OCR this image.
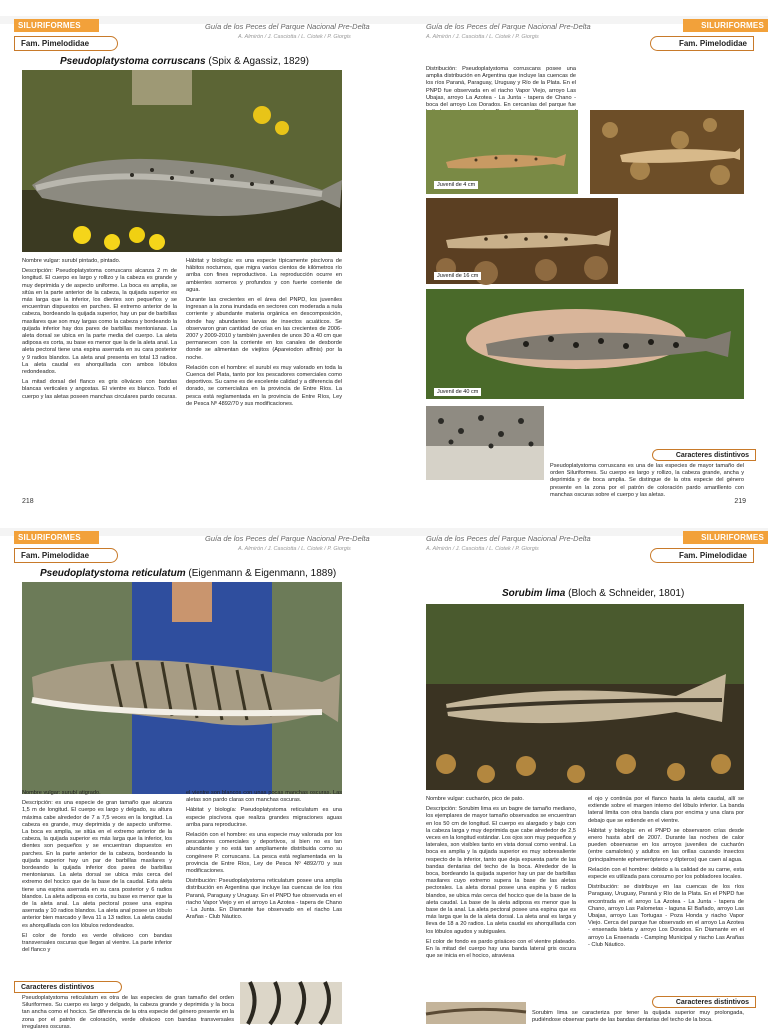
SILURIFORMES	Guía de los Peces del Parque Nacional Pre-Delta
A. Almirón / J. Casciotta / L. Ciotek / P. Giorgis
Fam. Pimelodidae
Pseudoplatystoma corruscans (Spix & Agassiz, 1829)

Nombre vulgar: surubí pintado, pintado.

Descripción: Pseudoplatystoma corruscans alcanza 2 m de longitud. El cuerpo es largo y rollizo y la cabeza es grande y muy deprimida y de aspecto uniforme. La boca es amplia, se sitúa en la parte anterior de la cabeza, la quijada superior es más larga que la inferior, los dientes son pequeños y se encuentran dispuestos en parches. El extremo anterior de la cabeza, bordeando la quijada superior, hay un par de barbillas maxilares que son muy largas como la cabeza y bordeando la quijada inferior hay dos pares de barbillas mentonianas. La aleta dorsal se ubica en la parte media del cuerpo. La aleta adiposa es corta, su base es menor que la de la aleta anal. La aleta pectoral tiene una espina aserrada en su cara posterior y 9 radios blandos. La aleta anal presenta en total 13 radios. La aleta caudal es ahorquillada con ambos lóbulos redondeados.

La mitad dorsal del flanco es gris oliváceo con bandas blancas verticales y angostas. El vientre es blanco. Todo el cuerpo y las aletas poseen manchas circulares pardo oscuras.

Hábitat y biología: es una especie típicamente piscívora de hábitos nocturnos, que migra varios cientos de kilómetros río arriba con fines reproductivos. La reproducción ocurre en ambientes someros y profundos y con fuerte corriente de agua.

Durante las crecientes en el área del PNPD, los juveniles ingresan a la zona inundada en sectores con moderada a nula corriente y abundante materia orgánica en descomposición, donde hay abundantes larvas de insectos acuáticos. Se observaron gran cantidad de crías en las crecientes de 2006-2007 y 2009-2010 y también juveniles de unos 30 a 40 cm que permanecen con la corriente en los canales de desborde donde se alimentan de viejitos (Apareiodon affinis) por la noche.

Relación con el hombre: el surubí es muy valorado en toda la Cuenca del Plata, tanto por los pescadores comerciales como deportivos. Su carne es de excelente calidad y a diferencia del dorado, se comercializa en la provincia de Entre Ríos. La pesca está reglamentada en la provincia de Entre Ríos, Ley de Pesca Nº 4892/70 y sus modificaciones.

218
SILURIFORMES
Guía de los Peces del Parque Nacional Pre-Delta
A. Almirón / J. Casciotta / L. Ciotek / P. Giorgis
Fam. Pimelodidae
Distribución: Pseudoplatystoma corruscans posee una amplia distribución en Argentina que incluye las cuencas de los ríos Paraná, Paraguay, Uruguay y Río de la Plata. En el PNPD fue observada en el riacho Vapor Viejo, arroyo Las Ubajas, arroyo La Azotea - La Junta - tapera de Chano - boca del arroyo Los Dorados. En cercanías del parque fue
Juvenil de 4 cm
Juvenil de 16 cm
Juvenil de 40 cm
Caracteres distintivos
Pseudoplatystoma corruscans es una de las especies de mayor tamaño del orden Siluriformes. Su cuerpo es largo y rollizo, la cabeza grande, ancha y deprimida y de boca amplia. Se distingue de la otra especie del género presente en la zona por el patrón de coloración pardo amarillento con manchas oscuras sobre el cuerpo y las aletas.
219
SILURIFORMES	Guía de los Peces del Parque Nacional Pre-Delta
A. Almirón / J. Casciotta / L. Ciotek / P. Giorgis
Fam. Pimelodidae
Pseudoplatystoma reticulatum (Eigenmann & Eigenmann, 1889)

Nombre vulgar: surubí atigrado.

Descripción: es una especie de gran tamaño que alcanza 1,5 m de longitud. El cuerpo es largo y delgado, su altura máxima cabe alrededor de 7 a 7,5 veces en la longitud. La cabeza es grande, muy deprimida y de aspecto uniforme. La boca es amplia, se sitúa en el extremo anterior de la cabeza, la quijada superior es más larga que la inferior, los dientes son pequeños y se encuentran dispuestos en parches. En la parte anterior de la cabeza, bordeando la quijada superior hay un par de barbillas maxilares y bordeando la quijada inferior dos pares de barbillas mentonianas. La aleta dorsal se ubica más cerca del extremo del hocico que de la base de la caudal. Esta aleta tiene una espina aserrada en su cara posterior y 6 radios blandos. La aleta adiposa es corta, su base es menor que la de la aleta anal. La aleta pectoral posee una espina aserrada y 10 radios blandos. La aleta anal posee un lóbulo anterior bien marcado y lleva 11 a 13 radios. La aleta caudal es ahorquillada con los lóbulos redondeados.

El color de fondo es verde oliváceo con bandas transversales oscuras que llegan al vientre. La parte inferior del flanco y

el vientre son blancos con unas pocas manchas oscuras. Las aletas son pardo claras con manchas oscuras.

Hábitat y biología: Pseudoplatystoma reticulatum es una especie piscívora que realiza grandes migraciones aguas arriba para reproducirse.

Relación con el hombre: es una especie muy valorada por los pescadores comerciales y deportivos, si bien no es tan abundante y no está tan ampliamente distribuida como su congénere P. corruscans. La pesca está reglamentada en la provincia de Entre Ríos, Ley de Pesca Nº 4892/70 y sus modificaciones.

Distribución: Pseudoplatystoma reticulatum posee una amplia distribución en Argentina que incluye las cuencas de los ríos Paraná, Paraguay y Uruguay. En el PNPD fue observada en el riacho Vapor Viejo y en el arroyo La Azotea - tapera de Chano - La Junta. En Diamante fue observado en el riacho Las Arañas - Club Náutico.

Caracteres distintivos
Pseudoplatystoma reticulatum es otra de las especies de gran tamaño del orden Siluriformes. Su cuerpo es largo y delgado, la cabeza grande y deprimida y la boca tan ancha como el hocico. Se diferencia de la otra especie del género presente en la zona por el patrón de coloración, verde oliváceo con bandas transversales irregulares oscuras.
SILURIFORMES
Guía de los Peces del Parque Nacional Pre-Delta
A. Almirón / J. Casciotta / L. Ciotek / P. Giorgis
Fam. Pimelodidae
Sorubim lima (Bloch & Schneider, 1801)

Nombre vulgar: cucharón, pico de pato.

Descripción: Sorubim lima es un bagre de tamaño mediano, los ejemplares de mayor tamaño observados se encuentran en los 50 cm de longitud. El cuerpo es alargado y bajo con la cabeza larga y muy deprimida que cabe alrededor de 2,5 veces en la longitud estándar. Los ojos son muy pequeños y laterales, son visibles tanto en vista dorsal como ventral. La boca es amplia y la quijada superior es muy sobresaliente respecto de la inferior, tanto que deja expuesta parte de las bandas dentarias del techo de la boca. Alrededor de la boca, bordeando la quijada superior hay un par de barbillas maxilares cuyo extremo supera la base de las aletas pectorales. La aleta dorsal posee una espina y 6 radios blandos, se ubica más cerca del hocico que de la base de la aleta caudal. La base de la aleta adiposa es menor que la base de la anal. La aleta pectoral posee una espina que es más larga que la de la aleta dorsal. La aleta anal es larga y lleva de 18 a 20 radios. La aleta caudal es ahorquillada con los lóbulos agudos y subiguales.

El color de fondo es pardo grisáceo con el vientre plateado. En la mitad del cuerpo hay una banda lateral gris oscura que se inicia en el hocico, atraviesa

el ojo y continúa por el flanco hasta la aleta caudal, allí se extiende sobre el margen interno del lóbulo inferior. La banda lateral limita con otra banda clara por encima y una clara por debajo que se extiende en el vientre.

Hábitat y biología: en el PNPD se observaron crías desde enero hasta abril de 2007. Durante las noches de calor pueden observarse en los arroyos juveniles de cucharón (entre camalotes) y adultos en las orillas cazando insectos (principalmente ephemerópteros y dípteros) que caen al agua.

Relación con el hombre: debido a la calidad de su carne, esta especie es utilizada para consumo por los pobladores locales.

Distribución: se distribuye en las cuencas de los ríos Paraguay, Uruguay, Paraná y Río de la Plata. En el PNPD fue encontrada en el arroyo La Azotea - La Junta - tapera de Chano, arroyo Las Palometas - laguna El Bañado, arroyo Las Ubajas, arroyo Las Tortugas - Poza Honda y riacho Vapor Viejo. Cerca del parque fue observado en el arroyo La Azotea - ensenada Isleta y arroyo Los Dorados. En Diamante en el arroyo La Ensenada - Camping Municipal y riacho Las Arañas - Club Náutico.

Caracteres distintivos
Sorubim lima se caracteriza por tener la quijada superior muy prolongada, pudiéndose observar parte de las bandas dentarias del techo de la boca.
